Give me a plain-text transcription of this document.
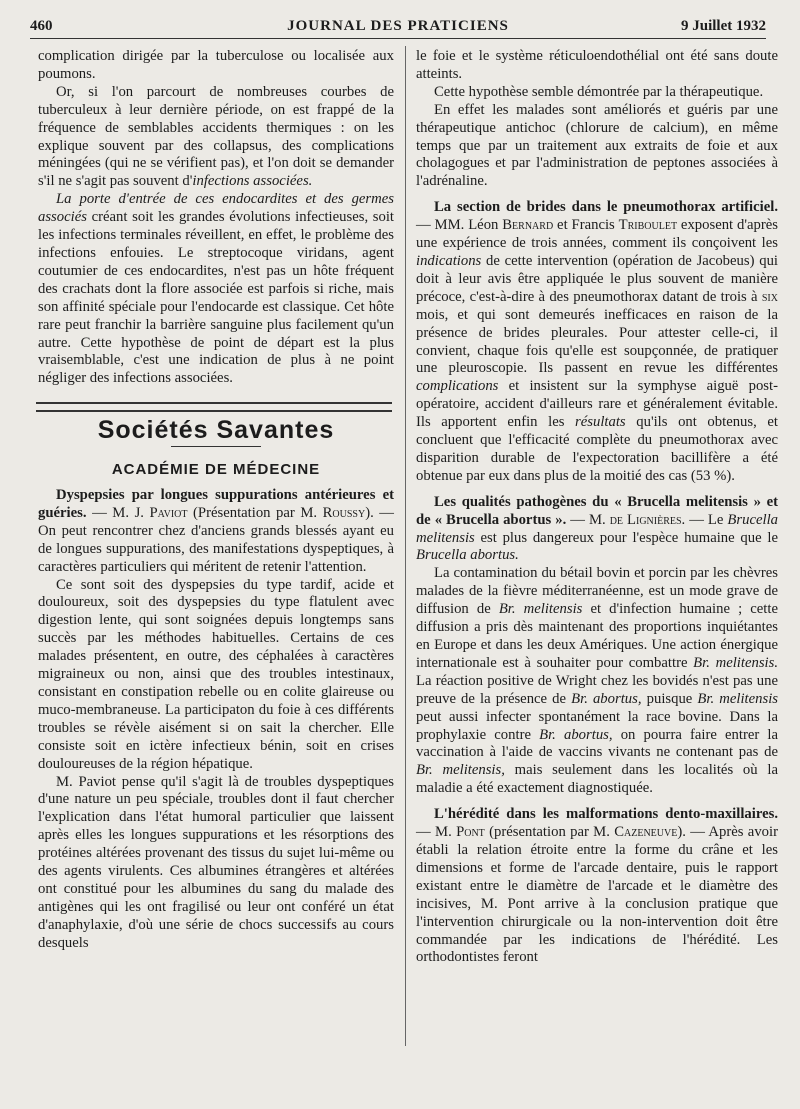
460	JOURNAL DES PRATICIENS	9 Juillet 1932

complication dirigée par la tuberculose ou localisée aux poumons.

Or, si l'on parcourt de nombreuses courbes de tuberculeux à leur dernière période, on est frappé de la fréquence de semblables accidents thermiques : on les explique souvent par des collapsus, des complications méningées (qui ne se vérifient pas), et l'on doit se demander s'il ne s'agit pas souvent d'infections associées.

La porte d'entrée de ces endocardites et des germes associés créant soit les grandes évolutions infectieuses, soit les infections terminales réveillent, en effet, le problème des infections enfouies. Le streptocoque viridans, agent coutumier de ces endocardites, n'est pas un hôte fréquent des crachats dont la flore associée est parfois si riche, mais son affinité spéciale pour l'endocarde est classique. Cet hôte rare peut franchir la barrière sanguine plus facilement qu'un autre. Cette hypothèse de point de départ est la plus vraisemblable, c'est une indication de plus à ne point négliger des infections associées.

Sociétés Savantes
ACADÉMIE DE MÉDECINE

Dyspepsies par longues suppurations antérieures et guéries. — M. J. Paviot (Présentation par M. Roussy). — On peut rencontrer chez d'anciens grands blessés ayant eu de longues suppurations, des manifestations dyspeptiques, à caractères particuliers qui méritent de retenir l'attention.

Ce sont soit des dyspepsies du type tardif, acide et douloureux, soit des dyspepsies du type flatulent avec digestion lente, qui sont soignées depuis longtemps sans succès par les méthodes habituelles. Certains de ces malades présentent, en outre, des céphalées à caractères migraineux ou non, ainsi que des troubles intestinaux, consistant en constipation rebelle ou en colite glaireuse ou muco-membraneuse. La participaton du foie à ces différents troubles se révèle aisément si on sait la chercher. Elle consiste soit en ictère infectieux bénin, soit en crises douloureuses de la région hépatique.

M. Paviot pense qu'il s'agit là de troubles dyspeptiques d'une nature un peu spéciale, troubles dont il faut chercher l'explication dans l'état humoral particulier que laissent après elles les longues suppurations et les résorptions des protéines altérées provenant des tissus du sujet lui-même ou des agents virulents. Ces albumines étrangères et altérées ont constitué pour les albumines du sang du malade des antigènes qui les ont fragilisé ou leur ont conféré un état d'anaphylaxie, d'où une série de chocs successifs au cours desquels

le foie et le système réticuloendothélial ont été sans doute atteints.

Cette hypothèse semble démontrée par la thérapeutique.

En effet les malades sont améliorés et guéris par une thérapeutique antichoc (chlorure de calcium), en même temps que par un traitement aux extraits de foie et aux cholagogues et par l'administration de peptones associées à l'adrénaline.

La section de brides dans le pneumothorax artificiel. — MM. Léon Bernard et Francis Triboulet exposent d'après une expérience de trois années, comment ils conçoivent les indications de cette intervention (opération de Jacobeus) qui doit à leur avis être appliquée le plus souvent de manière précoce, c'est-à-dire à des pneumothorax datant de trois à six mois, et qui sont demeurés inefficaces en raison de la présence de brides pleurales. Pour attester celle-ci, il convient, chaque fois qu'elle est soupçonnée, de pratiquer une pleuroscopie. Ils passent en revue les différentes complications et insistent sur la symphyse aiguë post-opératoire, accident d'ailleurs rare et généralement évitable. Ils apportent enfin les résultats qu'ils ont obtenus, et concluent que l'efficacité complète du pneumothorax avec disparition durable de l'expectoration bacillifère a été obtenue par eux dans plus de la moitié des cas (53 %).

Les qualités pathogènes du « Brucella melitensis » et de « Brucella abortus ». — M. de Lignières. — Le Brucella melitensis est plus dangereux pour l'espèce humaine que le Brucella abortus.

La contamination du bétail bovin et porcin par les chèvres malades de la fièvre méditerranéenne, est un mode grave de diffusion de Br. melitensis et d'infection humaine ; cette diffusion a pris dès maintenant des proportions inquiétantes en Europe et dans les deux Amériques. Une action énergique internationale est à souhaiter pour combattre Br. melitensis. La réaction positive de Wright chez les bovidés n'est pas une preuve de la présence de Br. abortus, puisque Br. melitensis peut aussi infecter spontanément la race bovine. Dans la prophylaxie contre Br. abortus, on pourra faire entrer la vaccination à l'aide de vaccins vivants ne contenant pas de Br. melitensis, mais seulement dans les localités où la maladie a été exactement diagnostiquée.

L'hérédité dans les malformations dento-maxillaires. — M. Pont (présentation par M. Cazeneuve). — Après avoir établi la relation étroite entre la forme du crâne et les dimensions et forme de l'arcade dentaire, puis le rapport existant entre le diamètre de l'arcade et le diamètre des incisives, M. Pont arrive à la conclusion pratique que l'intervention chirurgicale ou la non-intervention doit être commandée par les indications de l'hérédité. Les orthodontistes feront
